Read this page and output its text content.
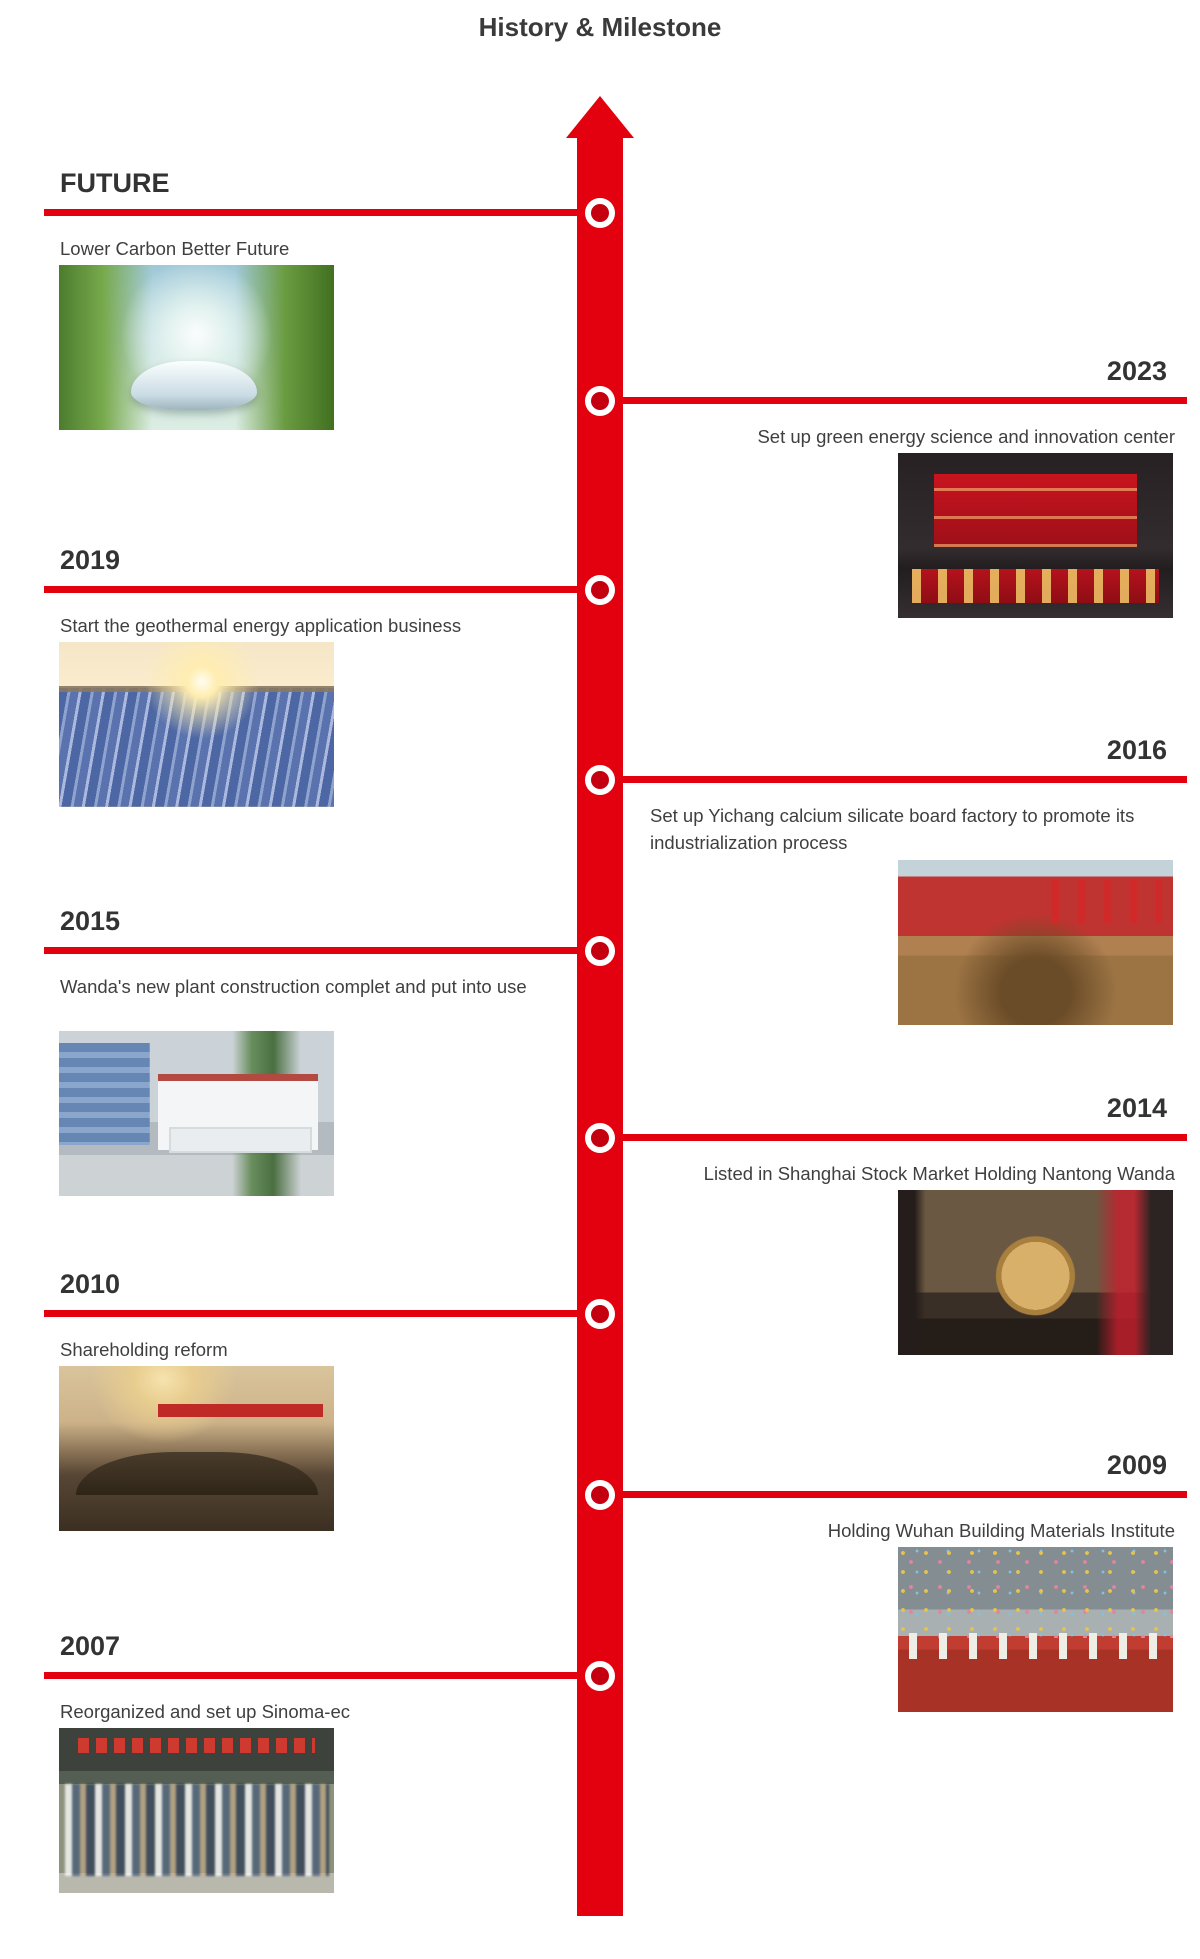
History & Milestone
FUTURE

Lower Carbon Better Future

2023

Set up green energy science and innovation center

2019

Start the geothermal energy application business

2016

Set up Yichang calcium silicate board factory to promote its industrialization process

2015

Wanda's new plant construction complet and put into use

2014

Listed in Shanghai Stock Market Holding Nantong Wanda

2010

Shareholding reform

2009

Holding Wuhan Building Materials Institute

2007

Reorganized and set up Sinoma-ec
